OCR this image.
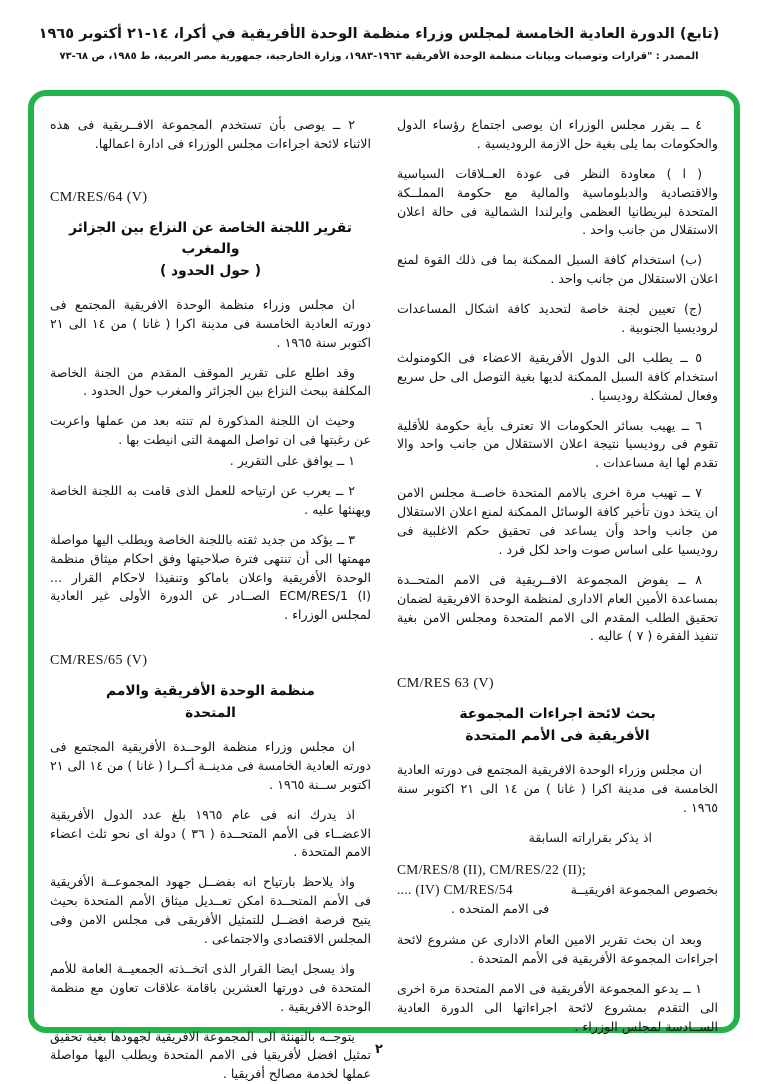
(تابع) الدورة العادية الخامسة لمجلس وزراء منظمة الوحدة الأفريقية في أكرا، ١٤-٢١ أكتوبر ١٩٦٥
المصدر : "قرارات وتوصيات وبيانات منظمة الوحدة الأفريقية ١٩٦٣-١٩٨٣، وزارة الخارجية، جمهورية مصر العربية، ط ١٩٨٥، ص ٦٨-٧٣

٤ ــ يقرر مجلس الوزراء ان يوصى اجتماع رؤساء الدول والحكومات بما يلى بغية حل الازمة الروديسية .

( ا ) معاودة النظر فى عودة العــلاقات السياسية والاقتصادية والدبلوماسية والمالية مع حكومة المملــكة المتحدة لبريطانيا العظمى وايرلندا الشمالية فى حالة اعلان الاستقلال من جانب واحد .

(ب) استخدام كافة السبل الممكنة بما فى ذلك القوة لمنع اعلان الاستقلال من جانب واحد .

(ج) تعيين لجنة خاصة لتحديد كافة اشكال المساعدات لروديسيا الجنوبية .

٥ ــ يطلب الى الدول الأفريقية الاعضاء فى الكومنولث استخدام كافة السبل الممكنة لديها بغية التوصل الى حل سريع وفعال لمشكلة روديسيا .

٦ ــ يهيب بسائر الحكومات الا تعترف بأية حكومة للأقلية تقوم فى روديسيا نتيجة اعلان الاستقلال من جانب واحد والا تقدم لها اية مساعدات .

٧ ــ تهيب مرة اخرى بالامم المتحدة خاصــة مجلس الامن ان يتخذ دون تأخير كافة الوسائل الممكنة لمنع اعلان الاستقلال من جانب واحد وأن يساعد فى تحقيق حكم الاغلبية فى روديسيا على اساس صوت واحد لكل فرد .

٨ ــ يفوض المجموعة الافــريقية فى الامم المتحــدة بمساعدة الأمين العام الادارى لمنظمة الوحدة الافريقية لضمان تحقيق الطلب المقدم الى الامم المتحدة ومجلس الامن بغية تنفيذ الفقرة ( ٧ ) عاليه .

CM/RES 63 (V)
بحث لائحة اجراءات المجموعة
الأفريقية فى الأمم المتحدة

ان مجلس وزراء الوحدة الافريقية المجتمع فى دورته العادية الخامسة فى مدينة اكرا ( غانا ) من ١٤ الى ٢١ اكتوبر سنة ١٩٦٥ .

اذ يذكر بقراراته السابقة
CM/RES/8 (II), CM/RES/22 (II);
.... (IV) CM/RES/54	بخصوص المجموعة افريقيــة
فى الامم المتحده .

وبعد ان بحث تقرير الامين العام الادارى عن مشروع لائحة اجراءات المجموعة الأفريقية فى الأمم المتحدة .

١ ــ يدعو المجموعة الأفريقية فى الامم المتحدة مرة اخرى الى التقدم بمشروع لائحة اجراءاتها الى الدورة العادية الســادسة لمجلس الوزراء .

٢ ــ يوصى بأن تستخدم المجموعة الافــريقية فى هذه الاثناء لائحة اجراءات مجلس الوزراء فى ادارة اعمالها.

CM/RES/64 (V)
تقرير اللجنة الخاصة عن النزاع بين الجزائر والمغرب
( حول الحدود )

ان مجلس وزراء منظمة الوحدة الافريقية المجتمع فى دورته العادية الخامسة فى مدينة اكرا ( غانا ) من ١٤ الى ٢١ اكتوبر سنة ١٩٦٥ .

وقد اطلع على تقرير الموقف المقدم من الجنة الخاصة المكلفة ببحث النزاع بين الجزائر والمغرب حول الحدود .

وحيث ان اللجنة المذكورة لم تنته بعد من عملها واعربت عن رغبتها فى ان تواصل المهمة التى انيطت بها .

١ ــ يوافق على التقرير .

٢ ــ يعرب عن ارتياحه للعمل الذى قامت به اللجنة الخاصة ويهنئها عليه .

٣ ــ يؤكد من جديد ثقته باللجنة الخاصة ويطلب اليها مواصلة مهمتها الى أن تنتهى فترة صلاحيتها وفق احكام ميثاق منظمة الوحدة الأفريقية واعلان باماكو وتنفيذا لاحكام القرار ... ECM/RES/1 (I)‎ الصــادر عن الدورة الأولى غير العادية لمجلس الوزراء .

CM/RES/65 (V)
منظمة الوحدة الأفريقية والامم
المتحدة

ان مجلس وزراء منظمة الوحــدة الأفريقية المجتمع فى دورته العادية الخامسة فى مدينــة أكــرا ( غانا ) من ١٤ الى ٢١ اكتوبر ســنة ١٩٦٥ .

اذ يدرك انه فى عام ١٩٦٥ بلغ عدد الدول الأفريقية الاعضــاء فى الأمم المتحــدة ( ٣٦ ) دولة اى نحو ثلث اعضاء الامم المتحدة .

واذ يلاحظ بارتياح انه بفضــل جهود المجموعــة الأفريقية فى الأمم المتحــدة امكن تعــديل ميثاق الأمم المتحدة بحيث يتيح فرصة افضــل للتمثيل الأفريقى فى مجلس الامن وفى المجلس الاقتصادى والاجتماعى .

واذ يسجل ايضا القرار الذى اتخــذته الجمعيــة العامة للأمم المتحدة فى دورتها العشرين باقامة علاقات تعاون مع منظمة الوحدة الافريقية .

يتوجــه بالتهنئة الى المجموعة الافريقية لجهودها بغية تحقيق تمثيل افضل لأفريقيا فى الامم المتحدة ويطلب اليها مواصلة عملها لخدمة مصالح أفريقيا .

٢
